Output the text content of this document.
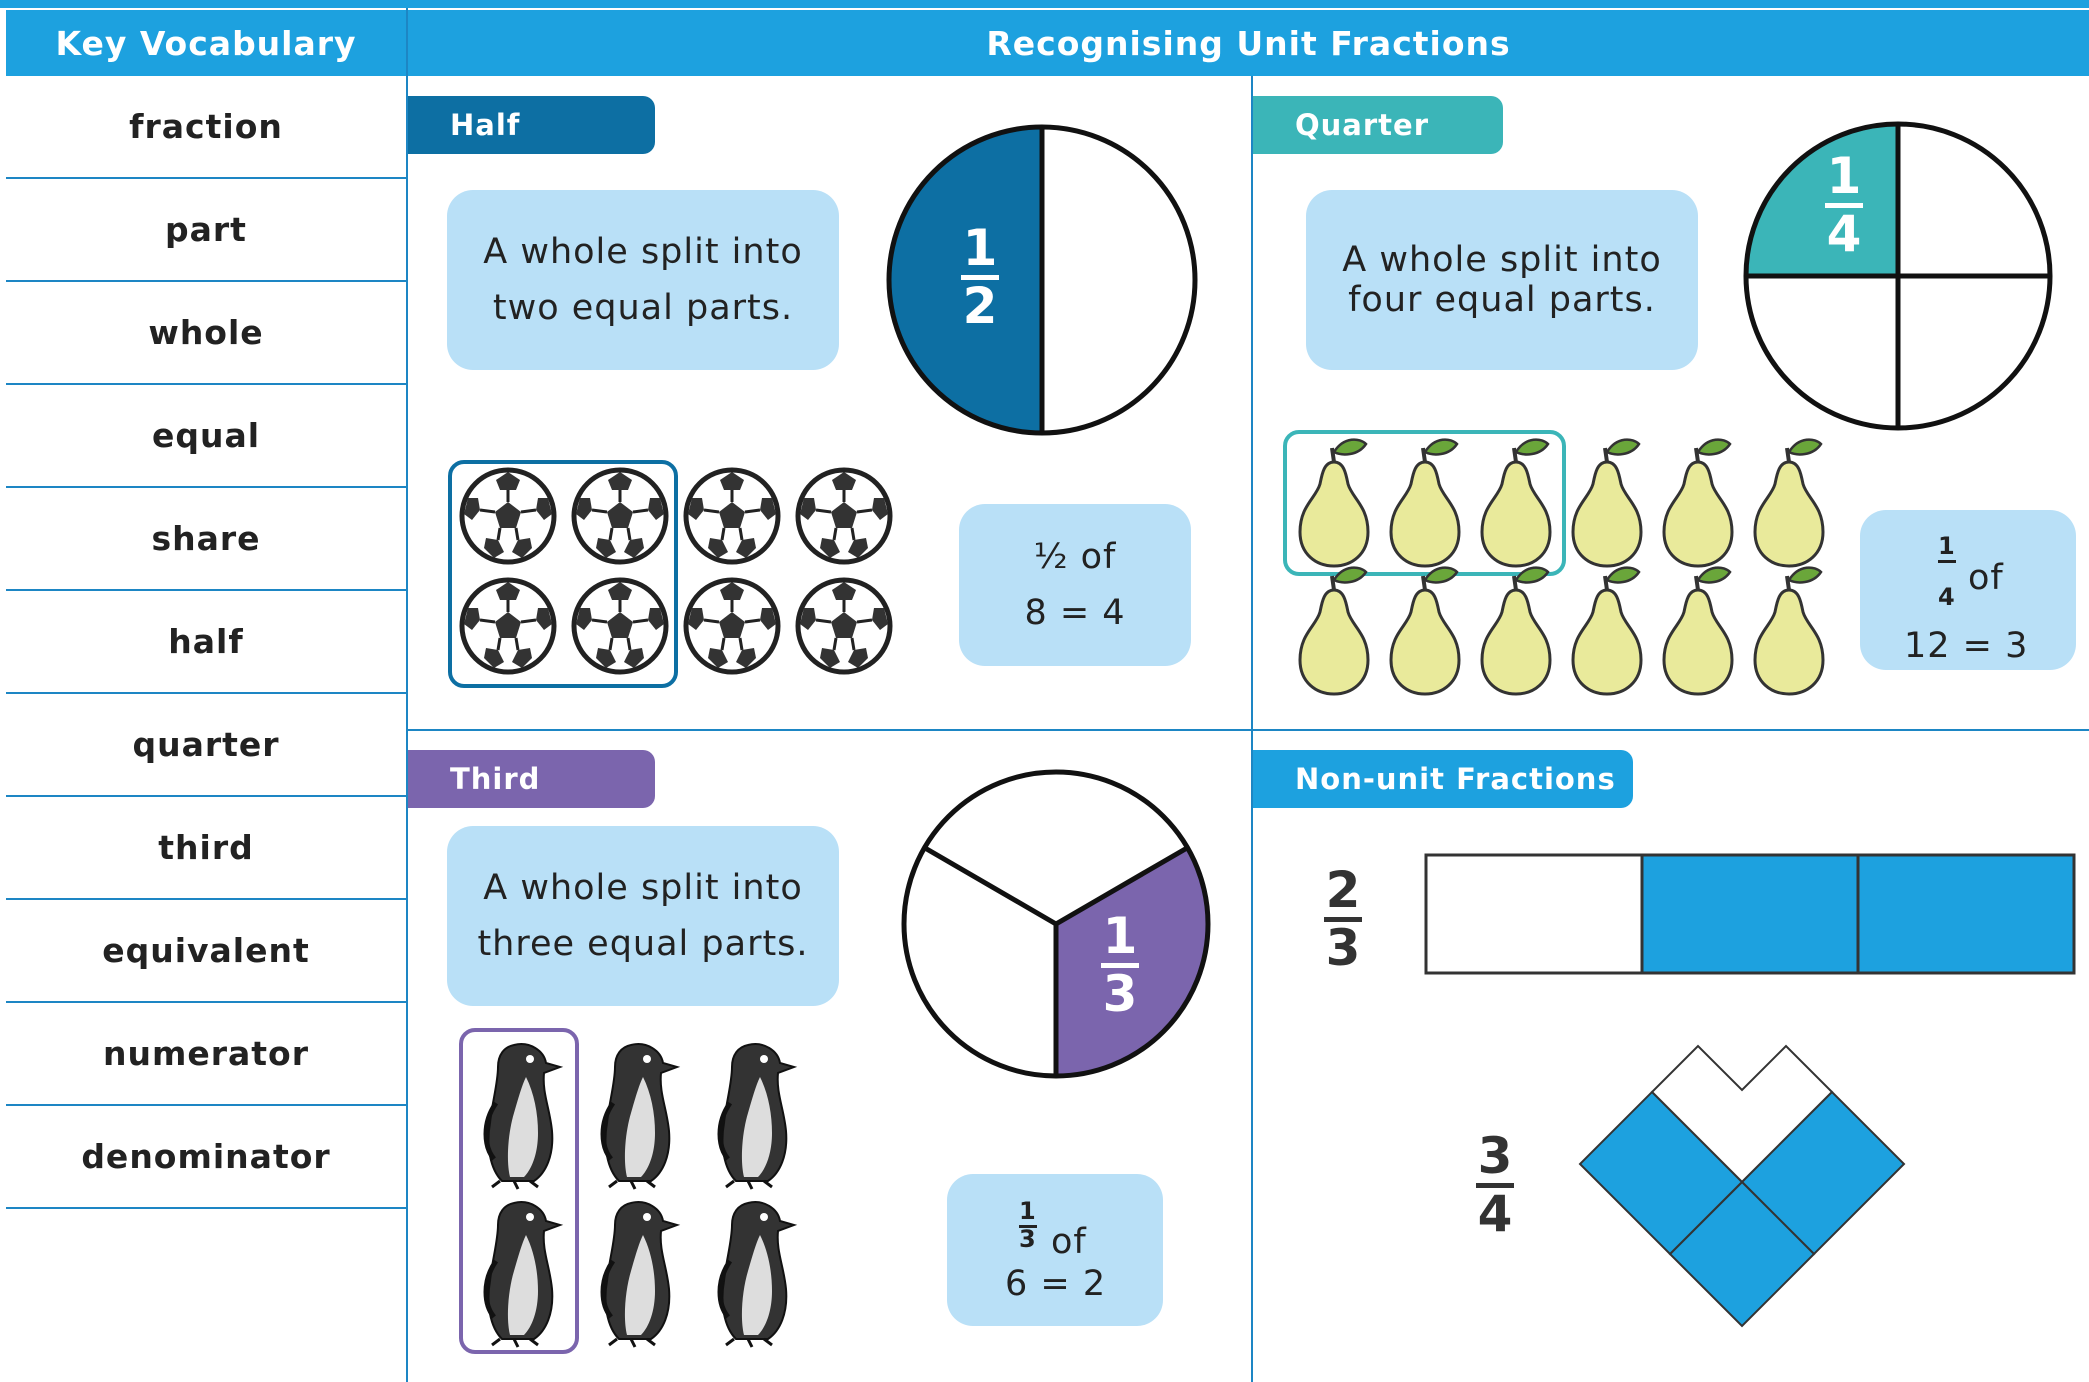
Key Vocabulary	Recognising Unit Fractions
fraction
part
whole
equal
share
half
quarter
third
equivalent
numerator
denominator
Half
A whole split into two equal parts.	$\frac{1}{2}$
½ of
8 = 4
Quarter
A whole split into four equal parts.
$\frac{1}{4}$
$\frac{1}{4}$ of
12 = 3
Third
A whole split into three equal parts.	$\frac{1}{3}$
$\frac{1}{3}$ of
6 = 2
Non-unit Fractions
$\frac{2}{3}$
$\frac{3}{4}$
